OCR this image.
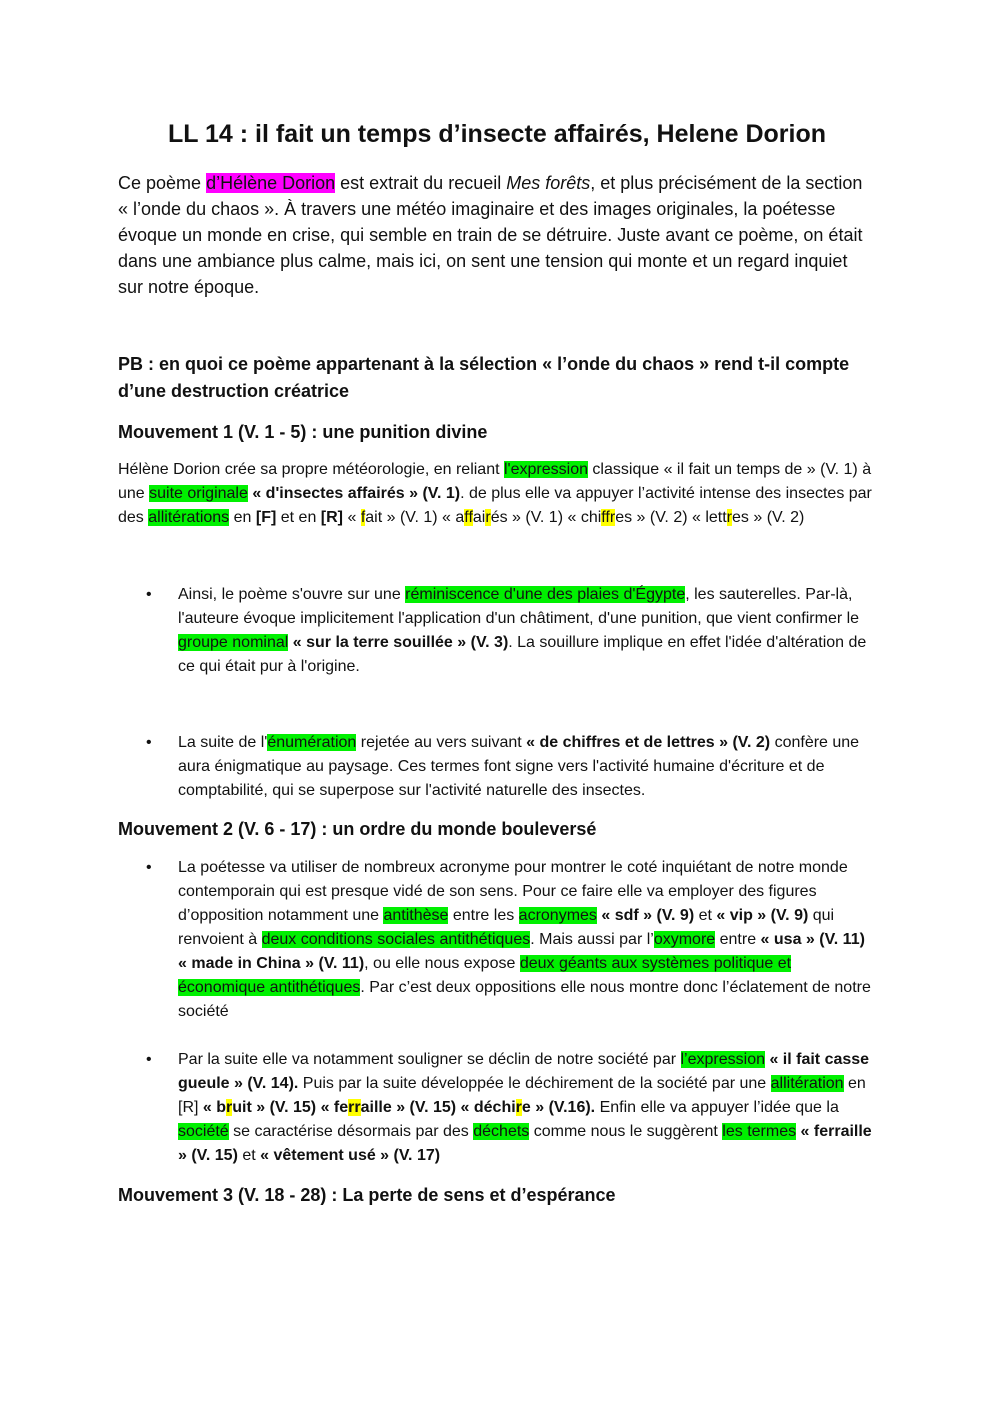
LL 14 : il fait un temps d’insecte affairés, Helene Dorion

Ce poème d’Hélène Dorion est extrait du recueil Mes forêts, et plus précisément de la section « l’onde du chaos ». À travers une météo imaginaire et des images originales, la poétesse évoque un monde en crise, qui semble en train de se détruire. Juste avant ce poème, on était dans une ambiance plus calme, mais ici, on sent une tension qui monte et un regard inquiet sur notre époque.

PB : en quoi ce poème appartenant à la sélection « l’onde du chaos » rend t-il compte d’une destruction créatrice

Mouvement 1 (V. 1 - 5) : une punition divine

Hélène Dorion crée sa propre météorologie, en reliant l'expression classique « il fait un temps de » (V. 1) à une suite originale « d'insectes affairés » (V. 1). de plus elle va appuyer l’activité intense des insectes par des allitérations en [F] et en [R] « fait » (V. 1) « affairés » (V. 1) « chiffres » (V. 2) « lettres » (V. 2)

• Ainsi, le poème s'ouvre sur une réminiscence d'une des plaies d'Égypte, les sauterelles. Par-là, l'auteure évoque implicitement l'application d'un châtiment, d'une punition, que vient confirmer le groupe nominal « sur la terre souillée » (V. 3). La souillure implique en effet l'idée d'altération de ce qui était pur à l'origine.
• La suite de l'énumération rejetée au vers suivant « de chiffres et de lettres » (V. 2) confère une aura énigmatique au paysage. Ces termes font signe vers l'activité humaine d'écriture et de comptabilité, qui se superpose sur l'activité naturelle des insectes.
Mouvement 2 (V. 6 - 17) : un ordre du monde bouleversé
• La poétesse va utiliser de nombreux acronyme pour montrer le coté inquiétant de notre monde contemporain qui est presque vidé de son sens. Pour ce faire elle va employer des figures d’opposition notamment une antithèse entre les acronymes « sdf » (V. 9) et « vip » (V. 9) qui renvoient à deux conditions sociales antithétiques. Mais aussi par l’oxymore entre « usa » (V. 11) « made in China » (V. 11), ou elle nous expose deux géants aux systèmes politique et économique antithétiques. Par c’est deux oppositions elle nous montre donc l’éclatement de notre société
• Par la suite elle va notamment souligner se déclin de notre société par l’expression « il fait casse gueule » (V. 14). Puis par la suite développée le déchirement de la société par une allitération en [R] « bruit » (V. 15) « ferraille » (V. 15) « déchire » (V.16). Enfin elle va appuyer l’idée que la société se caractérise désormais par des déchets comme nous le suggèrent les termes « ferraille » (V. 15) et « vêtement usé » (V. 17)
Mouvement 3 (V. 18 - 28) : La perte de sens et d’espérance
